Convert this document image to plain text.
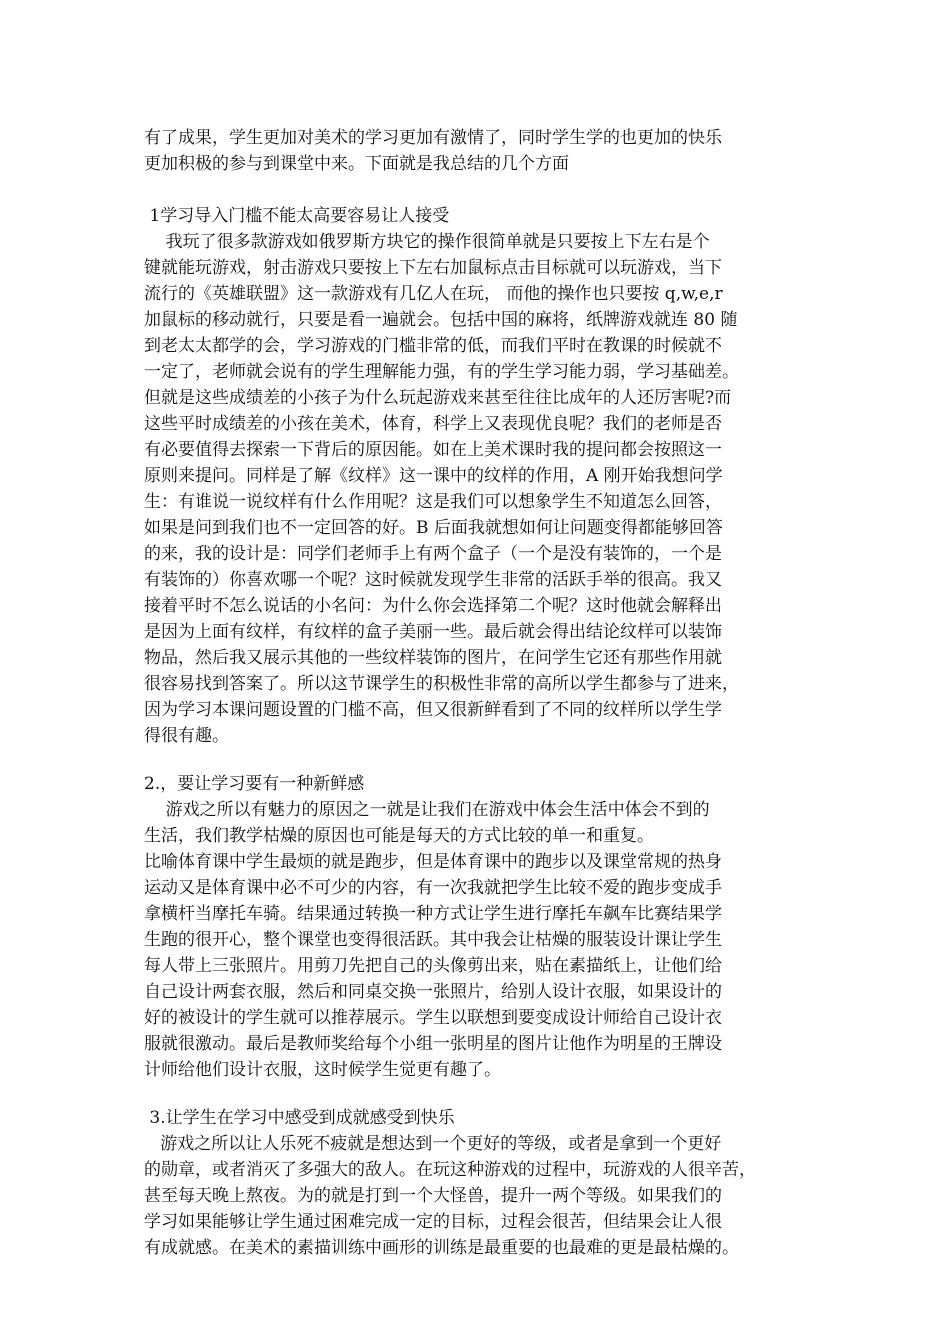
有了成果，学生更加对美术的学习更加有激情了，同时学生学的也更加的快乐
更加积极的参与到课堂中来。下面就是我总结的几个方面
1学习导入门槛不能太高要容易让人接受
我玩了很多款游戏如俄罗斯方块它的操作很简单就是只要按上下左右是个
键就能玩游戏，射击游戏只要按上下左右加鼠标点击目标就可以玩游戏，当下
流行的《英雄联盟》这一款游戏有几亿人在玩， 而他的操作也只要按 q,w,e,r
加鼠标的移动就行，只要是看一遍就会。包括中国的麻将，纸牌游戏就连 80 随
到老太太都学的会，学习游戏的门槛非常的低，而我们平时在教课的时候就不
一定了，老师就会说有的学生理解能力强，有的学生学习能力弱，学习基础差。
但就是这些成绩差的小孩子为什么玩起游戏来甚至往往比成年的人还厉害呢?而
这些平时成绩差的小孩在美术，体育，科学上又表现优良呢？我们的老师是否
有必要值得去探索一下背后的原因能。如在上美术课时我的提问都会按照这一
原则来提问。同样是了解《纹样》这一课中的纹样的作用，A 刚开始我想问学
生：有谁说一说纹样有什么作用呢？这是我们可以想象学生不知道怎么回答，
如果是问到我们也不一定回答的好。B 后面我就想如何让问题变得都能够回答
的来，我的设计是：同学们老师手上有两个盒子（一个是没有装饰的，一个是
有装饰的）你喜欢哪一个呢？这时候就发现学生非常的活跃手举的很高。我又
接着平时不怎么说话的小名问：为什么你会选择第二个呢？这时他就会解释出
是因为上面有纹样，有纹样的盒子美丽一些。最后就会得出结论纹样可以装饰
物品，然后我又展示其他的一些纹样装饰的图片，在问学生它还有那些作用就
很容易找到答案了。所以这节课学生的积极性非常的高所以学生都参与了进来，
因为学习本课问题设置的门槛不高，但又很新鲜看到了不同的纹样所以学生学
得很有趣。
2.，要让学习要有一种新鲜感
游戏之所以有魅力的原因之一就是让我们在游戏中体会生活中体会不到的
生活，我们教学枯燥的原因也可能是每天的方式比较的单一和重复。
比喻体育课中学生最烦的就是跑步，但是体育课中的跑步以及课堂常规的热身
运动又是体育课中必不可少的内容，有一次我就把学生比较不爱的跑步变成手
拿横杆当摩托车骑。结果通过转换一种方式让学生进行摩托车飙车比赛结果学
生跑的很开心，整个课堂也变得很活跃。其中我会让枯燥的服装设计课让学生
每人带上三张照片。用剪刀先把自己的头像剪出来，贴在素描纸上，让他们给
自己设计两套衣服，然后和同桌交换一张照片，给别人设计衣服，如果设计的
好的被设计的学生就可以推荐展示。学生以联想到要变成设计师给自己设计衣
服就很激动。最后是教师奖给每个小组一张明星的图片让他作为明星的王牌设
计师给他们设计衣服，这时候学生觉更有趣了。
3.让学生在学习中感受到成就感受到快乐
游戏之所以让人乐死不疲就是想达到一个更好的等级，或者是拿到一个更好
的勋章，或者消灭了多强大的敌人。在玩这种游戏的过程中，玩游戏的人很辛苦，
甚至每天晚上熬夜。为的就是打到一个大怪兽，提升一两个等级。如果我们的
学习如果能够让学生通过困难完成一定的目标，过程会很苦，但结果会让人很
有成就感。在美术的素描训练中画形的训练是最重要的也最难的更是最枯燥的。
